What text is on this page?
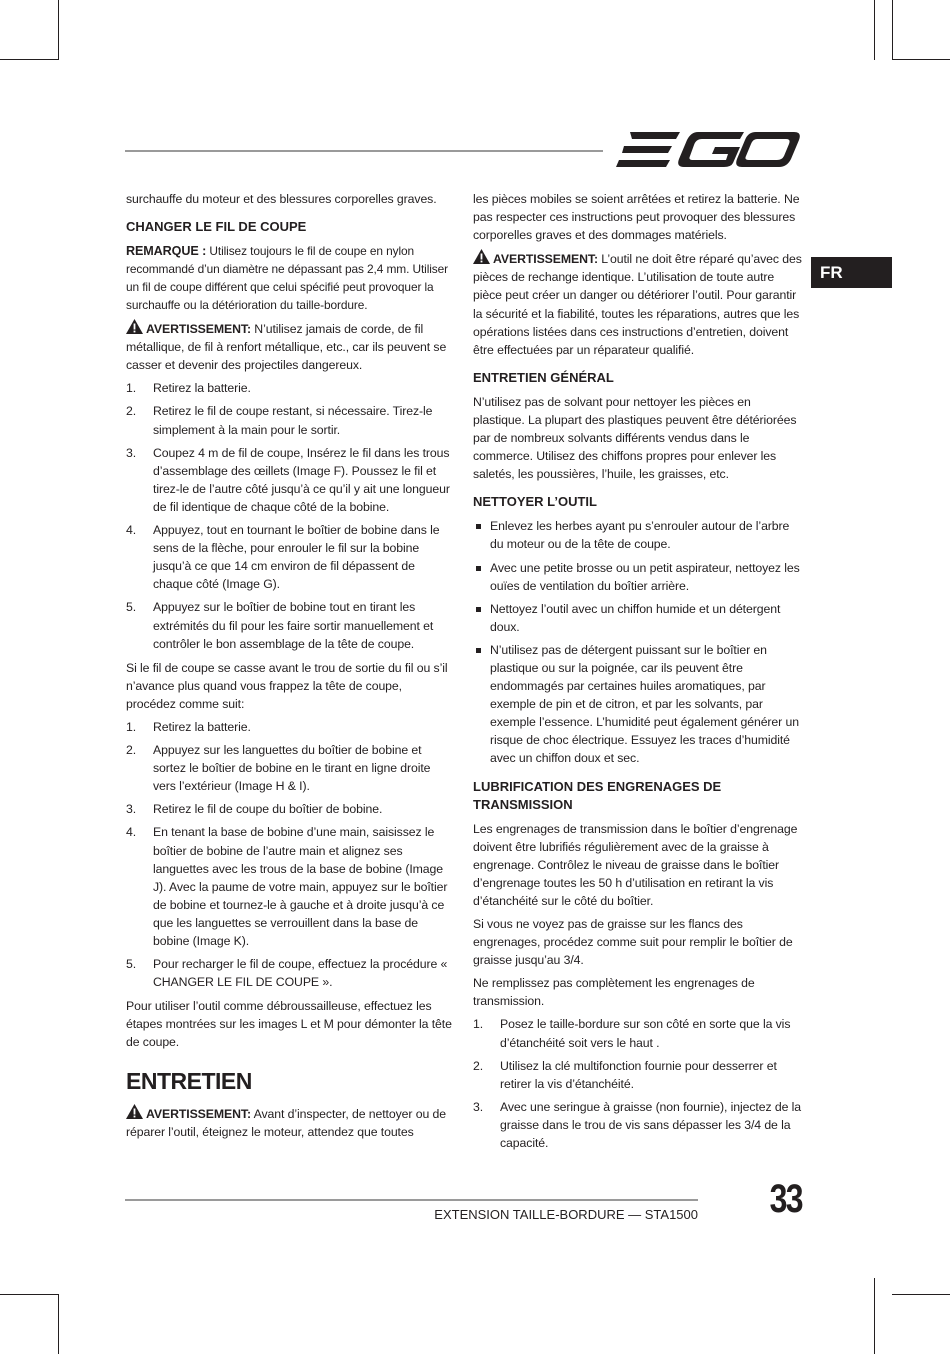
FR

surchauffe du moteur et des blessures corporelles graves.

CHANGER LE FIL DE COUPE

REMARQUE : Utilisez toujours le fil de coupe en nylon recommandé d’un diamètre ne dépassant pas 2,4 mm. Utiliser un fil de coupe différent que celui spécifié peut provoquer la surchauffe ou la détérioration du taille-bordure.

AVERTISSEMENT: N’utilisez jamais de corde, de fil métallique, de fil à renfort métallique, etc., car ils peuvent se casser et devenir des projectiles dangereux.

1. Retirez la batterie.
2. Retirez le fil de coupe restant, si nécessaire. Tirez-le simplement à la main pour le sortir.
3. Coupez 4 m de fil de coupe, Insérez le fil dans les trous d’assemblage des œillets (Image F). Poussez le fil et tirez-le de l’autre côté jusqu’à ce qu’il y ait une longueur de fil identique de chaque côté de la bobine.
4. Appuyez, tout en tournant le boîtier de bobine dans le sens de la flèche, pour enrouler le fil sur la bobine jusqu’à ce que 14 cm environ de fil dépassent de chaque côté (Image G).
5. Appuyez sur le boîtier de bobine tout en tirant les extrémités du fil pour les faire sortir manuellement et contrôler le bon assemblage de la tête de coupe.

Si le fil de coupe se casse avant le trou de sortie du fil ou s’il n’avance plus quand vous frappez la tête de coupe, procédez comme suit:

1. Retirez la batterie.
2. Appuyez sur les languettes du boîtier de bobine et sortez le boîtier de bobine en le tirant en ligne droite vers l’extérieur (Image H & I).
3. Retirez le fil de coupe du boîtier de bobine.
4. En tenant la base de bobine d’une main, saisissez le boîtier de bobine de l’autre main et alignez ses languettes avec les trous de la base de bobine (Image J). Avec la paume de votre main, appuyez sur le boîtier de bobine et tournez-le à gauche et à droite jusqu’à ce que les languettes se verrouillent dans la base de bobine (Image K).
5. Pour recharger le fil de coupe, effectuez la procédure « CHANGER LE FIL DE COUPE ».

Pour utiliser l’outil comme débroussailleuse, effectuez les étapes montrées sur les images L et M pour démonter la tête de coupe.

ENTRETIEN

AVERTISSEMENT: Avant d’inspecter, de nettoyer ou de réparer l’outil, éteignez le moteur, attendez que toutes

les pièces mobiles se soient arrêtées et retirez la batterie. Ne pas respecter ces instructions peut provoquer des blessures corporelles graves et des dommages matériels.

AVERTISSEMENT: L’outil ne doit être réparé qu’avec des pièces de rechange identique. L’utilisation de toute autre pièce peut créer un danger ou détériorer l’outil. Pour garantir la sécurité et la fiabilité, toutes les réparations, autres que les opérations listées dans ces instructions d’entretien, doivent être effectuées par un réparateur qualifié.

ENTRETIEN GÉNÉRAL

N’utilisez pas de solvant pour nettoyer les pièces en plastique. La plupart des plastiques peuvent être détériorées par de nombreux solvants différents vendus dans le commerce. Utilisez des chiffons propres pour enlever les saletés, les poussières, l’huile, les graisses, etc.

NETTOYER L’OUTIL
Enlevez les herbes ayant pu s’enrouler autour de l’arbre du moteur ou de la tête de coupe.
Avec une petite brosse ou un petit aspirateur, nettoyez les ouïes de ventilation du boîtier arrière.
Nettoyez l’outil avec un chiffon humide et un détergent doux.
N’utilisez pas de détergent puissant sur le boîtier en plastique ou sur la poignée, car ils peuvent être endommagés par certaines huiles aromatiques, par exemple de pin et de citron, et par les solvants, par exemple l’essence. L’humidité peut également générer un risque de choc électrique. Essuyez les traces d’humidité avec un chiffon doux et sec.
LUBRIFICATION DES ENGRENAGES DE TRANSMISSION

Les engrenages de transmission dans le boîtier d’engrenage doivent être lubrifiés régulièrement avec de la graisse à engrenage. Contrôlez le niveau de graisse dans le boîtier d’engrenage toutes les 50 h d’utilisation en retirant la vis d’étanchéité sur le côté du boîtier.

Si vous ne voyez pas de graisse sur les flancs des engrenages, procédez comme suit pour remplir le boîtier de graisse jusqu’au 3/4.

Ne remplissez pas complètement les engrenages de transmission.

1. Posez le taille-bordure sur son côté en sorte que la vis d’étanchéité soit vers le haut .
2. Utilisez la clé multifonction fournie pour desserrer et retirer la vis d’étanchéité.
3. Avec une seringue à graisse (non fournie), injectez de la graisse dans le trou de vis sans dépasser les 3/4 de la capacité.
EXTENSION TAILLE-BORDURE — STA1500 33
